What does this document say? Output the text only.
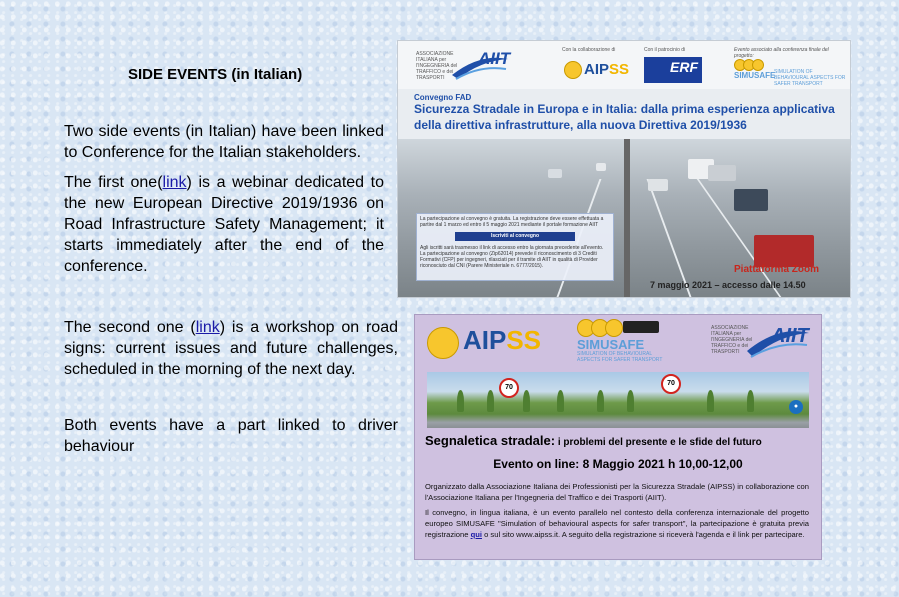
SIDE EVENTS (in Italian)
Two side events (in Italian) have been linked to Conference for the Italian stakeholders.
The first one(link) is a webinar dedicated to the new European Directive 2019/1936 on Road Infrastructure Safety Management; it starts immediately after the end of the conference.
The second one (link) is a workshop on road signs: current issues and future challenges, scheduled in the morning of the next day.
Both events have a part linked to driver behaviour
ASSOCIAZIONE ITALIANA per l'INGEGNERIA del TRAFFICO e dei TRASPORTI
AIIT	Con la collaborazione di
AIPSS
Con il patrocinio di
ERF
Evento associato alla conferenza finale del progetto:
SIMUSAFE
SIMULATION OF BEHAVIOURAL ASPECTS FOR SAFER TRANSPORT
Convegno FAD
Sicurezza Stradale in Europa e in Italia: dalla prima esperienza applicativa della direttiva infrastrutture, alla nuova Direttiva 2019/1936
La partecipazione al convegno è gratuita. La registrazione deve essere effettuata a partire dal 1 marzo ed entro il 5 maggio 2021 mediante il portale formazione AIIT
Iscriviti al convegno
Agli iscritti sarà trasmesso il link di accesso entro la giornata precedente all'evento. La partecipazione al convegno (Zip62014) prevede il riconoscimento di 3 Crediti Formativi (CFP) per ingegneri, rilasciati per il tramite di AIIT in qualità di Provider riconosciuto dal CNI (Parere Ministeriale n. 6777/2015).	Piattaforma Zoom
7 maggio 2021 – accesso dalle 14.50
AIPSS	SIMUSAFE
SIMULATION OF BEHAVIOURAL ASPECTS FOR SAFER TRANSPORT
ASSOCIAZIONE ITALIANA per l'INGEGNERIA del TRAFFICO e dei TRASPORTI
AIIT
70
70
●
Segnaletica stradale: i problemi del presente e le sfide del futuro
Evento on line: 8 Maggio 2021 h 10,00-12,00

Organizzato dalla Associazione Italiana dei Professionisti per la Sicurezza Stradale (AIPSS) in collaborazione con l'Associazione Italiana per l'Ingegneria del Traffico e dei Trasporti (AIIT).

Il convegno, in lingua italiana, è un evento parallelo nel contesto della conferenza internazionale del progetto europeo SIMUSAFE "Simulation of behavioural aspects for safer transport", la partecipazione è gratuita previa registrazione qui o sul sito www.aipss.it. A seguito della registrazione si riceverà l'agenda e il link per partecipare.
